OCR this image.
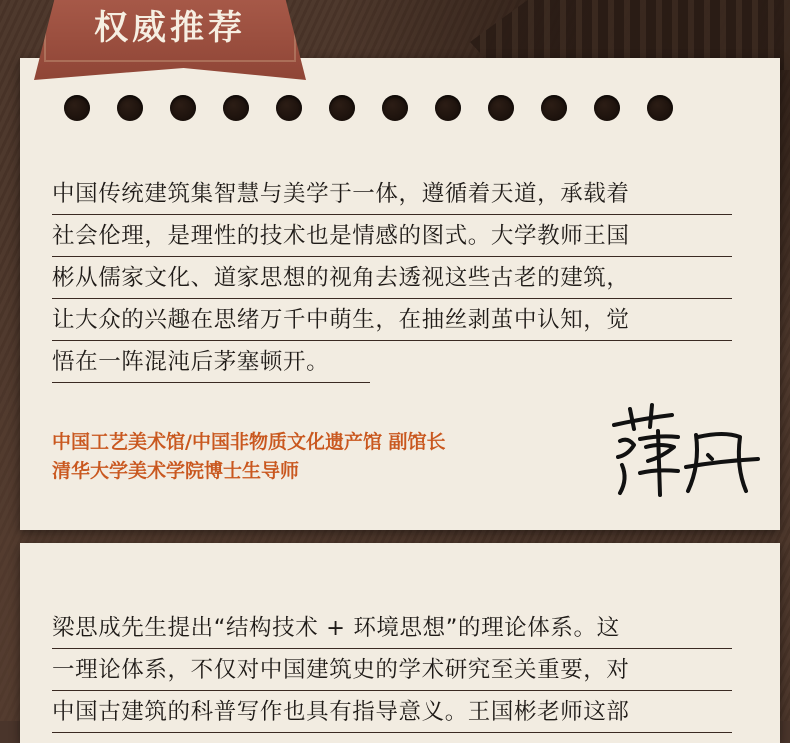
权威推荐
中国传统建筑集智慧与美学于一体，遵循着天道，承载着
社会伦理，是理性的技术也是情感的图式。大学教师王国
彬从儒家文化、道家思想的视角去透视这些古老的建筑，
让大众的兴趣在思绪万千中萌生，在抽丝剥茧中认知，觉
悟在一阵混沌后茅塞顿开。
中国工艺美术馆/中国非物质文化遗产馆 副馆长
清华大学美术学院博士生导师
梁思成先生提出“结构技术 + 环境思想”的理论体系。这
一理论体系，不仅对中国建筑史的学术研究至关重要，对
中国古建筑的科普写作也具有指导意义。王国彬老师这部
